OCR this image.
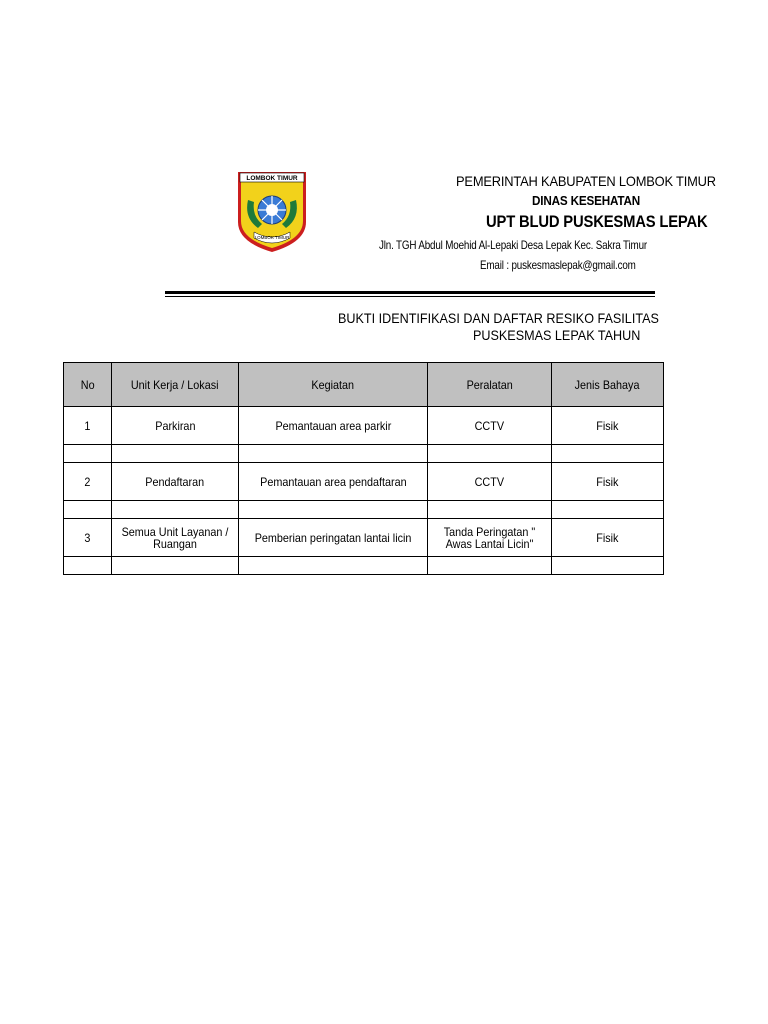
LOMBOK TIMUR
LOMBOK TIMUR
PEMERINTAH KABUPATEN LOMBOK TIMUR
DINAS KESEHATAN
UPT BLUD PUSKESMAS LEPAK
Jln. TGH Abdul Moehid Al-Lepaki Desa Lepak Kec. Sakra Timur
Email : puskesmaslepak@gmail.com
BUKTI IDENTIFIKASI DAN DAFTAR RESIKO FASILITAS
PUSKESMAS LEPAK TAHUN
No	Unit Kerja / Lokasi	Kegiatan	Peralatan	Jenis Bahaya
1	Parkiran	Pemantauan area parkir	CCTV	Fisik

2	Pendaftaran	Pemantauan area pendaftaran	CCTV	Fisik

3	Semua Unit Layanan / Ruangan	Pemberian peringatan lantai licin	Tanda Peringatan " Awas Lantai Licin"	Fisik
